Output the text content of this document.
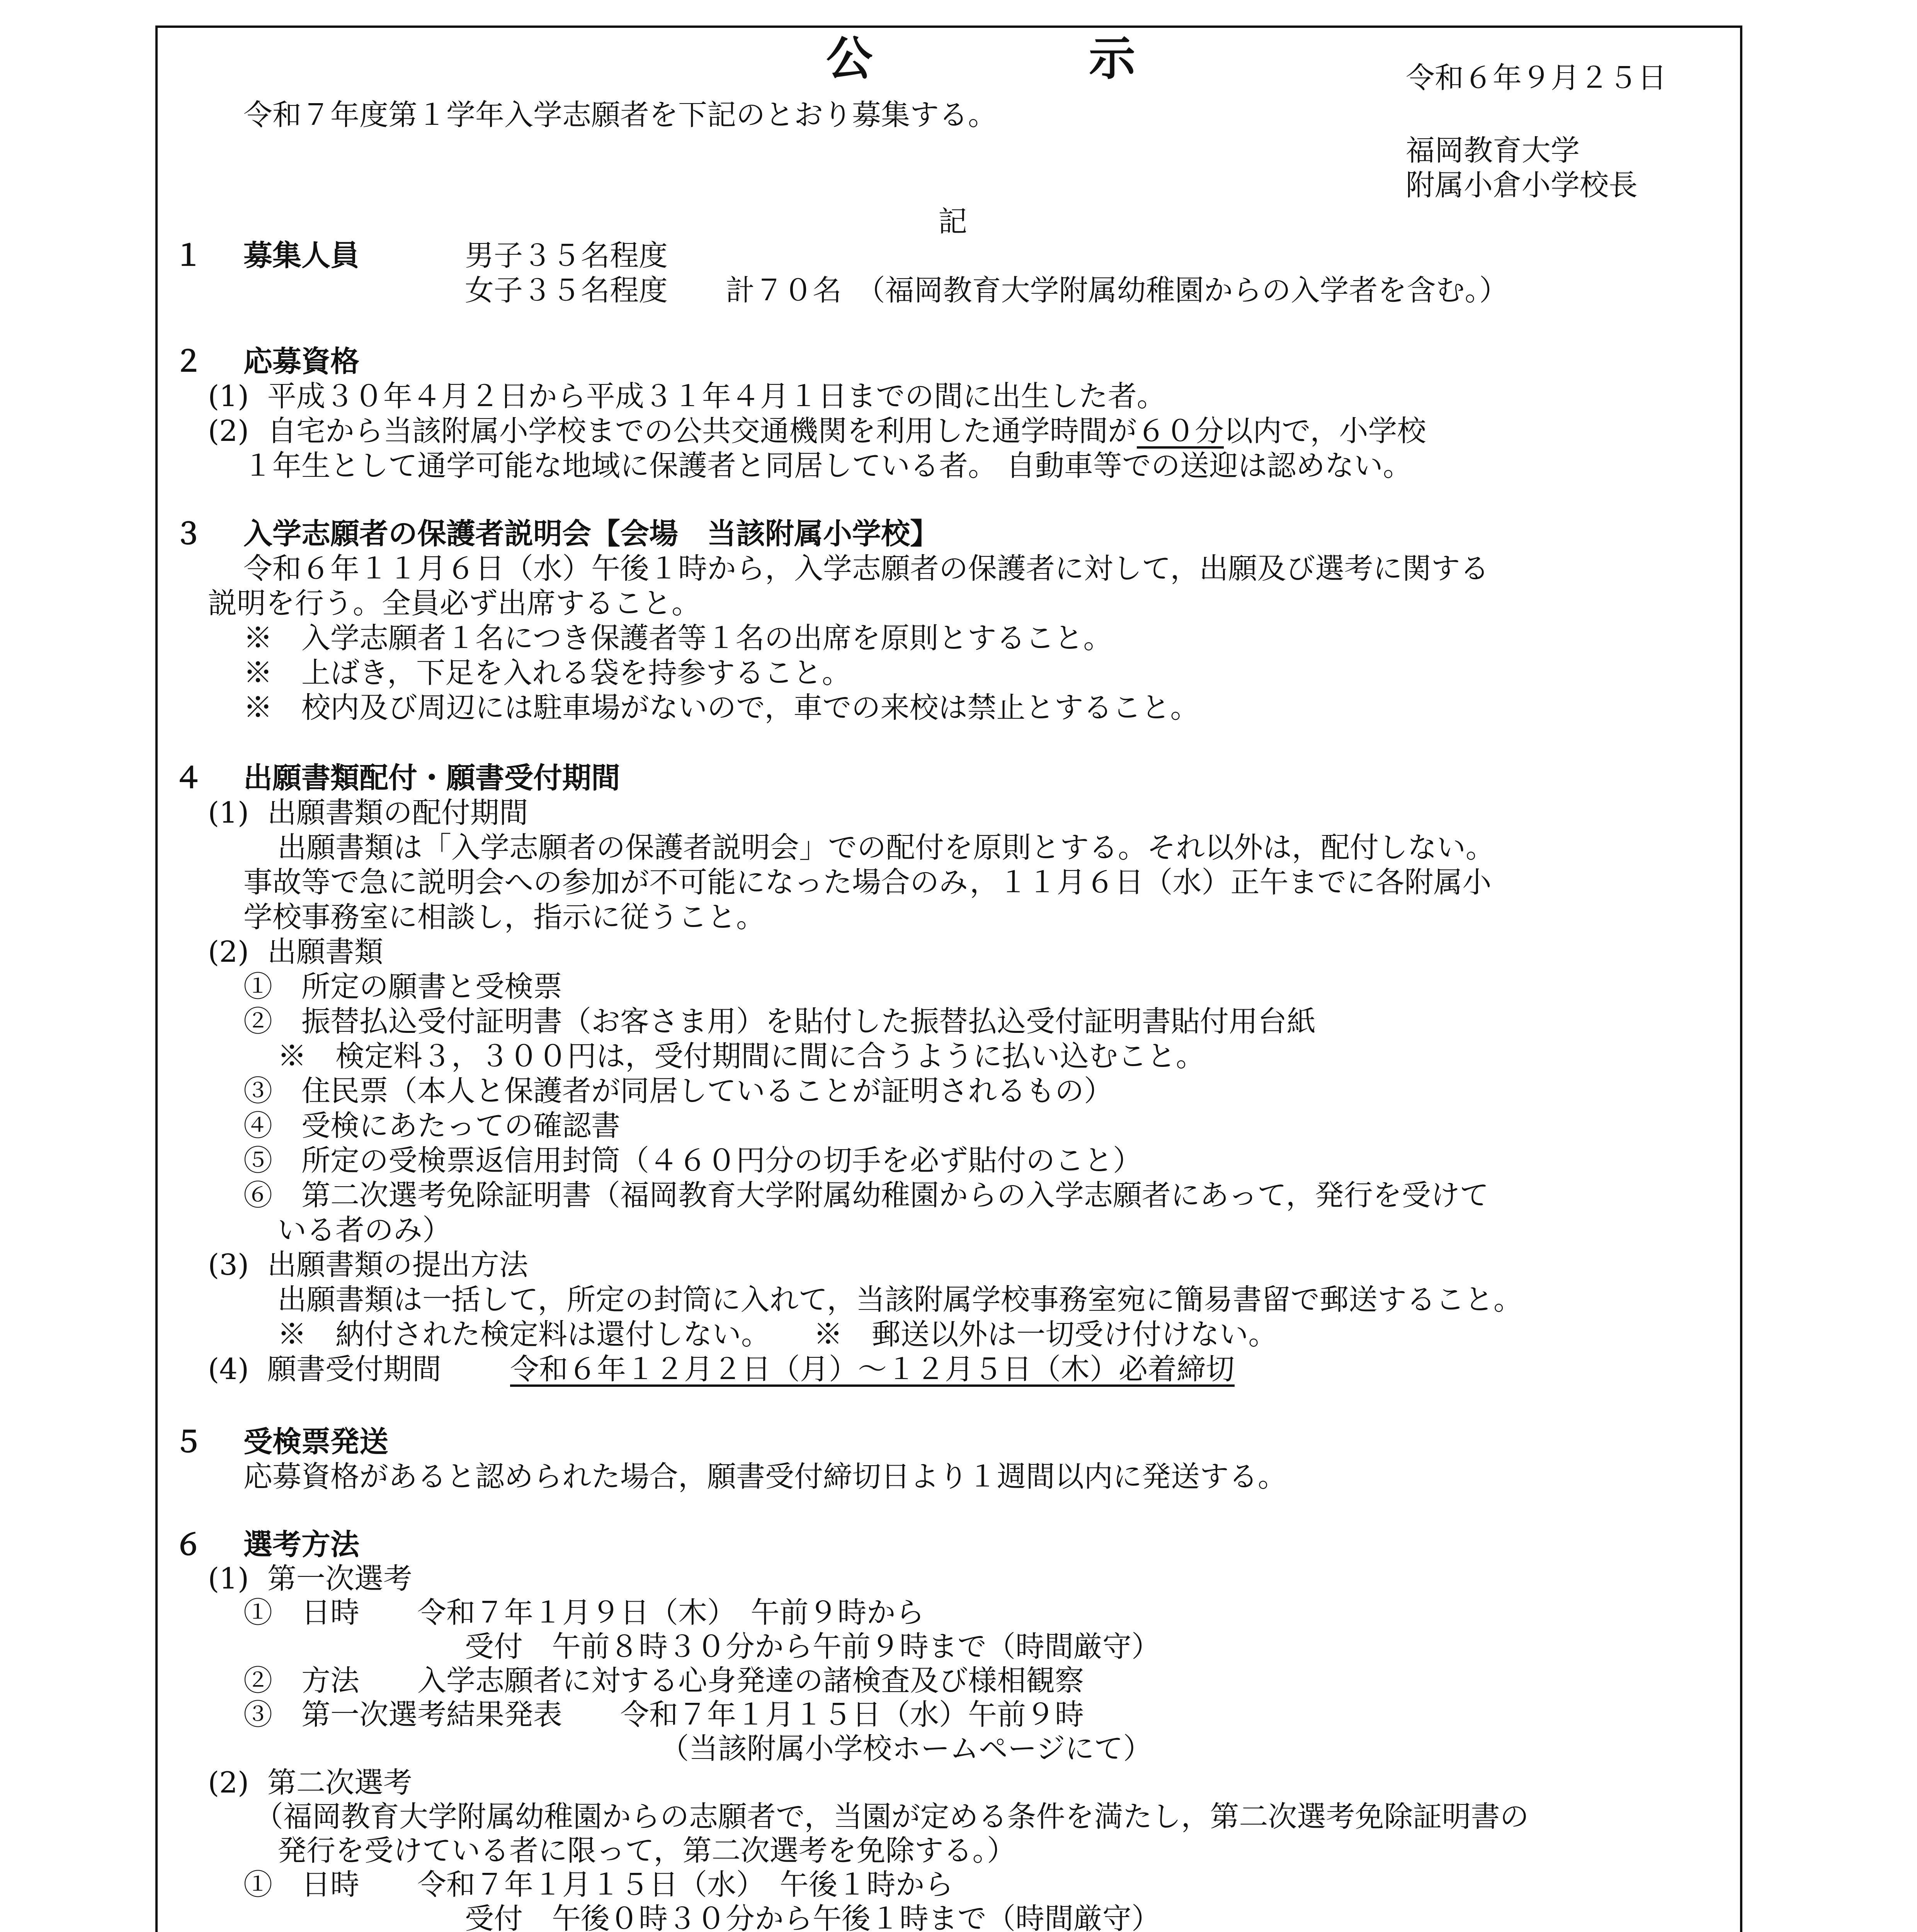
公　示	令和６年９月２５日
令和７年度第１学年入学志願者を下記のとおり募集する。
福岡教育大学
附属小倉小学校長
記
１ 募集人員	男子３５名程度
女子３５名程度　　計７０名　（福岡教育大学附属幼稚園からの入学者を含む。）
２ 応募資格
(1)  平成３０年４月２日から平成３１年４月１日までの間に出生した者。
(2)  自宅から当該附属小学校までの公共交通機関を利用した通学時間が６０分以内で，小学校
１年生として通学可能な地域に保護者と同居している者。 自動車等での送迎は認めない。
３ 入学志願者の保護者説明会【会場　当該附属小学校】
令和６年１１月６日（水）午後１時から，入学志願者の保護者に対して，出願及び選考に関する
説明を行う。全員必ず出席すること。
※　入学志願者１名につき保護者等１名の出席を原則とすること。
※　上ばき，下足を入れる袋を持参すること。
※　校内及び周辺には駐車場がないので，車での来校は禁止とすること。
４ 出願書類配付・願書受付期間
(1)  出願書類の配付期間
出願書類は「入学志願者の保護者説明会」での配付を原則とする。それ以外は，配付しない。
事故等で急に説明会への参加が不可能になった場合のみ，１１月６日（水）正午までに各附属小
学校事務室に相談し，指示に従うこと。
(2)  出願書類
①　所定の願書と受検票
②　振替払込受付証明書（お客さま用）を貼付した振替払込受付証明書貼付用台紙
※　検定料３，３００円は，受付期間に間に合うように払い込むこと。
③　住民票（本人と保護者が同居していることが証明されるもの）
④　受検にあたっての確認書
⑤　所定の受検票返信用封筒（４６０円分の切手を必ず貼付のこと）
⑥　第二次選考免除証明書（福岡教育大学附属幼稚園からの入学志願者にあって，発行を受けて
いる者のみ）
(3)  出願書類の提出方法
出願書類は一括して，所定の封筒に入れて，当該附属学校事務室宛に簡易書留で郵送すること。
※　納付された検定料は還付しない。　　※　郵送以外は一切受け付けない。
(4)  願書受付期間 令和６年１２月２日（月）～１２月５日（木）必着締切
５ 受検票発送
応募資格があると認められた場合，願書受付締切日より１週間以内に発送する。
６ 選考方法
(1)  第一次選考
①　日時　　令和７年１月９日（木）　午前９時から
受付　午前８時３０分から午前９時まで（時間厳守）
②　方法　　入学志願者に対する心身発達の諸検査及び様相観察
③　第一次選考結果発表　　令和７年１月１５日（水）午前９時
（当該附属小学校ホームページにて）
(2)  第二次選考
（福岡教育大学附属幼稚園からの志願者で，当園が定める条件を満たし，第二次選考免除証明書の
発行を受けている者に限って，第二次選考を免除する。）
①　日時　　令和７年１月１５日（水）　午後１時から
受付　午後０時３０分から午後１時まで（時間厳守）
